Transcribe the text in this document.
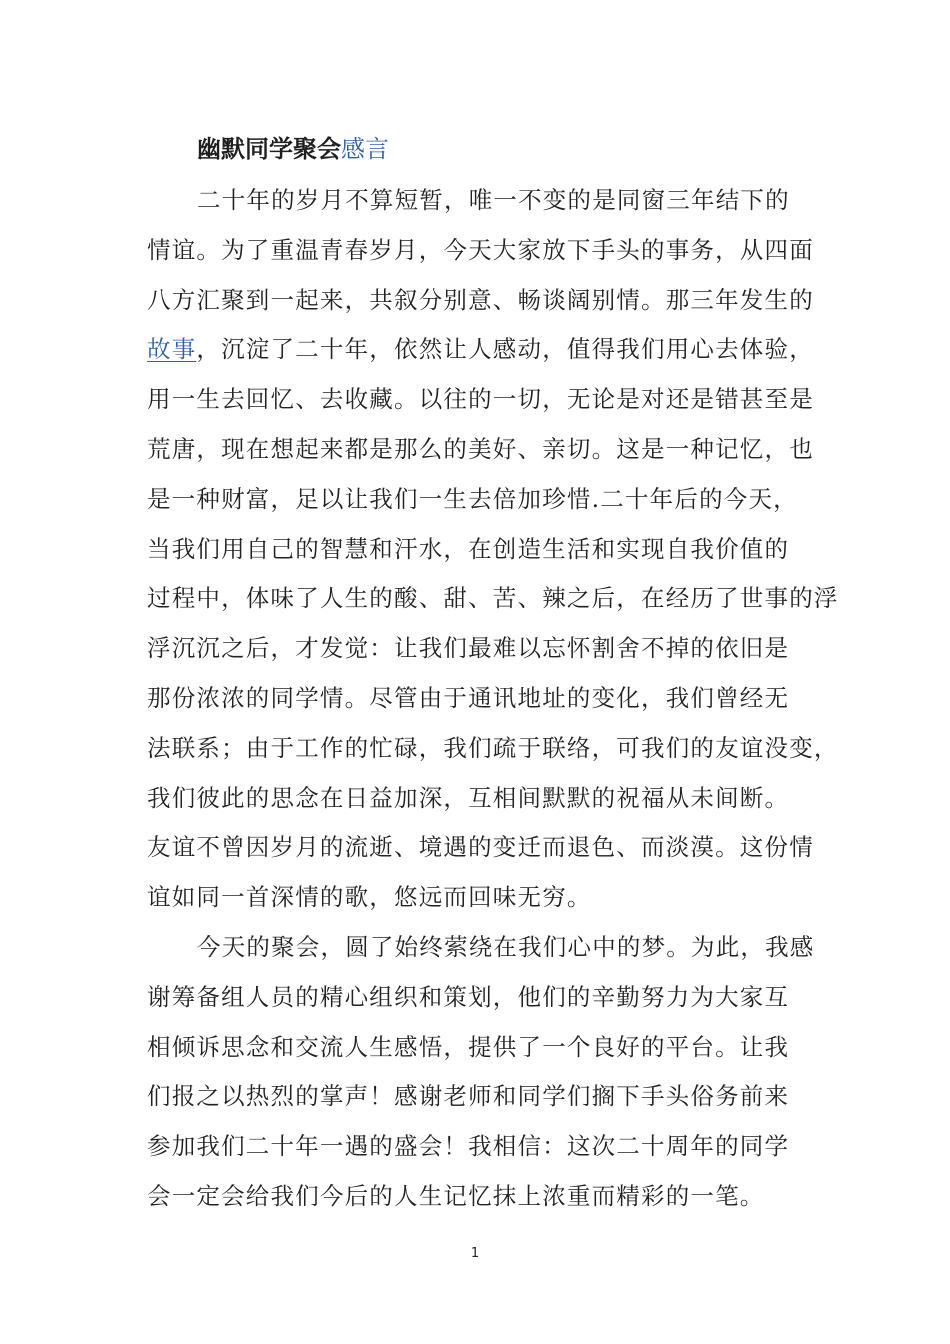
幽默同学聚会感言
二十年的岁月不算短暂，唯一不变的是同窗三年结下的
情谊。为了重温青春岁月，今天大家放下手头的事务，从四面
八方汇聚到一起来，共叙分别意、畅谈阔别情。那三年发生的
故事，沉淀了二十年，依然让人感动，值得我们用心去体验，
用一生去回忆、去收藏。以往的一切，无论是对还是错甚至是
荒唐，现在想起来都是那么的美好、亲切。这是一种记忆，也
是一种财富，足以让我们一生去倍加珍惜.二十年后的今天，
当我们用自己的智慧和汗水，在创造生活和实现自我价值的
过程中，体味了人生的酸、甜、苦、辣之后，在经历了世事的浮
浮沉沉之后，才发觉：让我们最难以忘怀割舍不掉的依旧是
那份浓浓的同学情。尽管由于通讯地址的变化，我们曾经无
法联系；由于工作的忙碌，我们疏于联络，可我们的友谊没变，
我们彼此的思念在日益加深，互相间默默的祝福从未间断。
友谊不曾因岁月的流逝、境遇的变迁而退色、而淡漠。这份情
谊如同一首深情的歌，悠远而回味无穷。
今天的聚会，圆了始终萦绕在我们心中的梦。为此，我感
谢筹备组人员的精心组织和策划，他们的辛勤努力为大家互
相倾诉思念和交流人生感悟，提供了一个良好的平台。让我
们报之以热烈的掌声！感谢老师和同学们搁下手头俗务前来
参加我们二十年一遇的盛会！我相信：这次二十周年的同学
会一定会给我们今后的人生记忆抹上浓重而精彩的一笔。
1
